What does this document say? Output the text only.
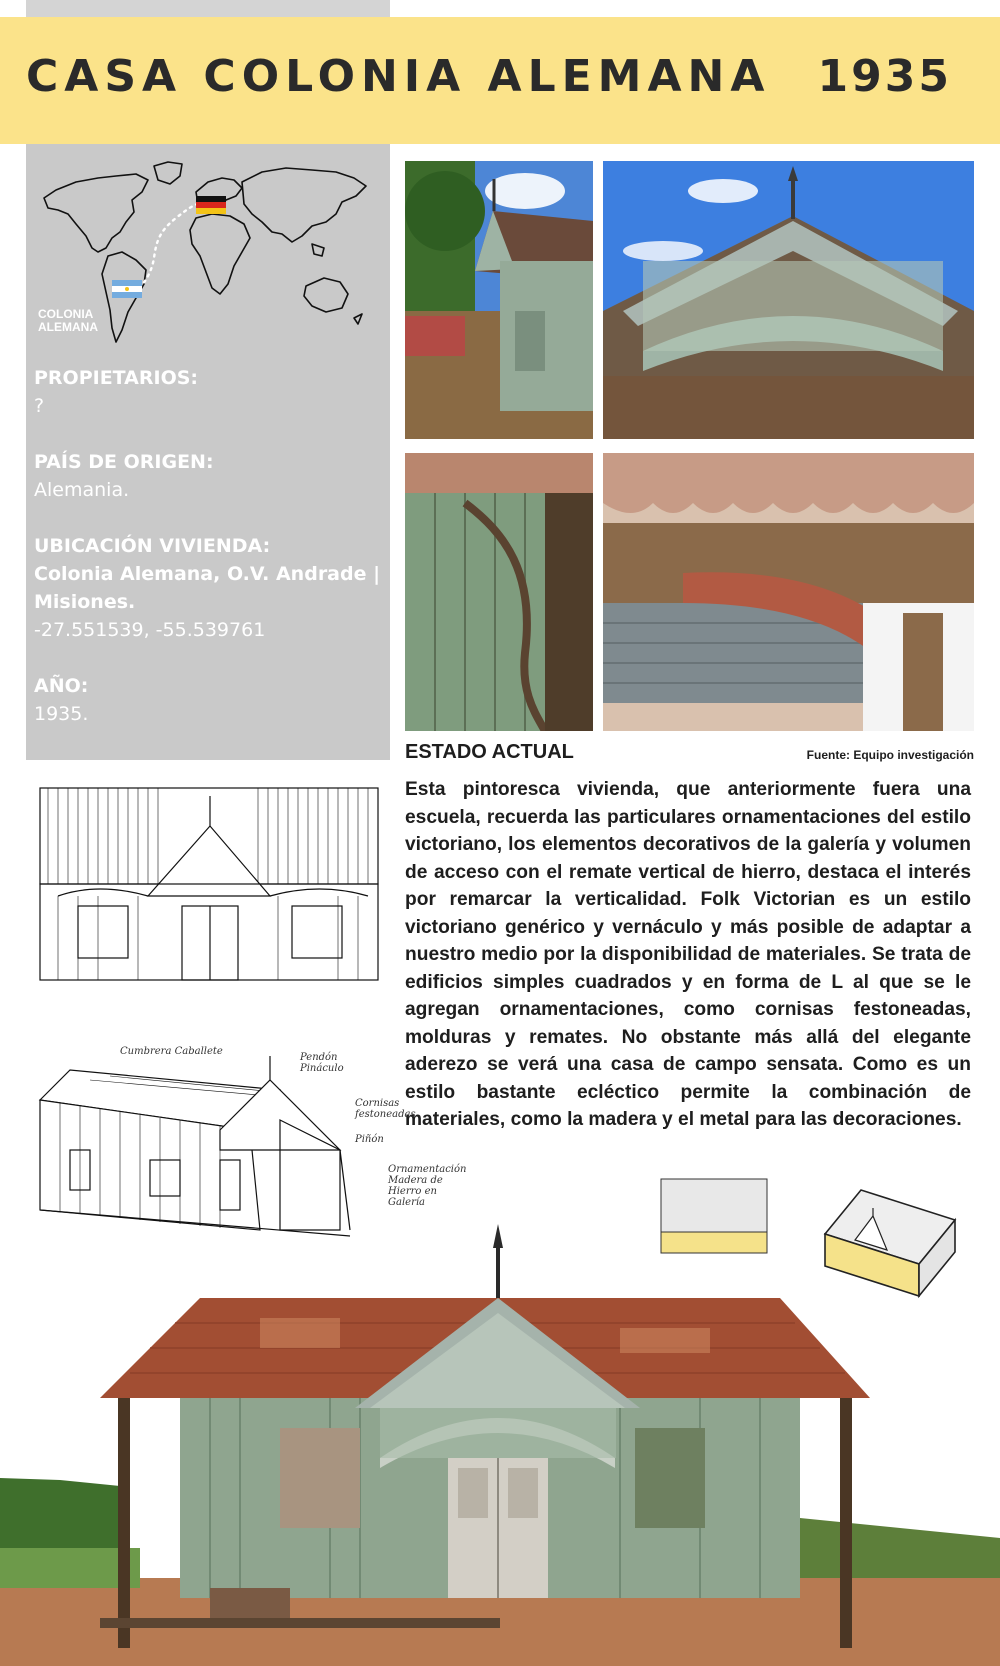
CASA COLONIA ALEMANA 1935
COLONIA
ALEMANA
PROPIETARIOS:
?
PAÍS DE ORIGEN:
Alemania.
UBICACIÓN VIVIENDA:
Colonia Alemana, O.V. Andrade |
Misiones.
-27.551539, -55.539761
AÑO:
1935.
ESTADO ACTUAL	Fuente: Equipo investigación
Esta pintoresca vivienda, que anteriormente fuera una escuela, recuerda las particulares ornamentaciones del estilo victoriano, los elementos decorativos de la galería y volumen de acceso con el remate vertical de hierro, destaca el interés por remarcar la verticalidad. Folk Victorian es un estilo victoriano genérico y vernáculo y más posible de adaptar a nuestro medio por la disponibilidad de materiales. Se trata de edificios simples cuadrados y en forma de L al que se le agregan ornamentaciones, como cornisas festoneadas, molduras y remates. No obstante más allá del elegante aderezo se verá una casa de campo sensata. Como es un estilo bastante ecléctico permite la combinación de materiales, como la madera y el metal para las decoraciones.
Cumbrera Caballete
Pendón Pináculo
Cornisas festoneadas
Piñón
Ornamentación Madera de Hierro en Galería
